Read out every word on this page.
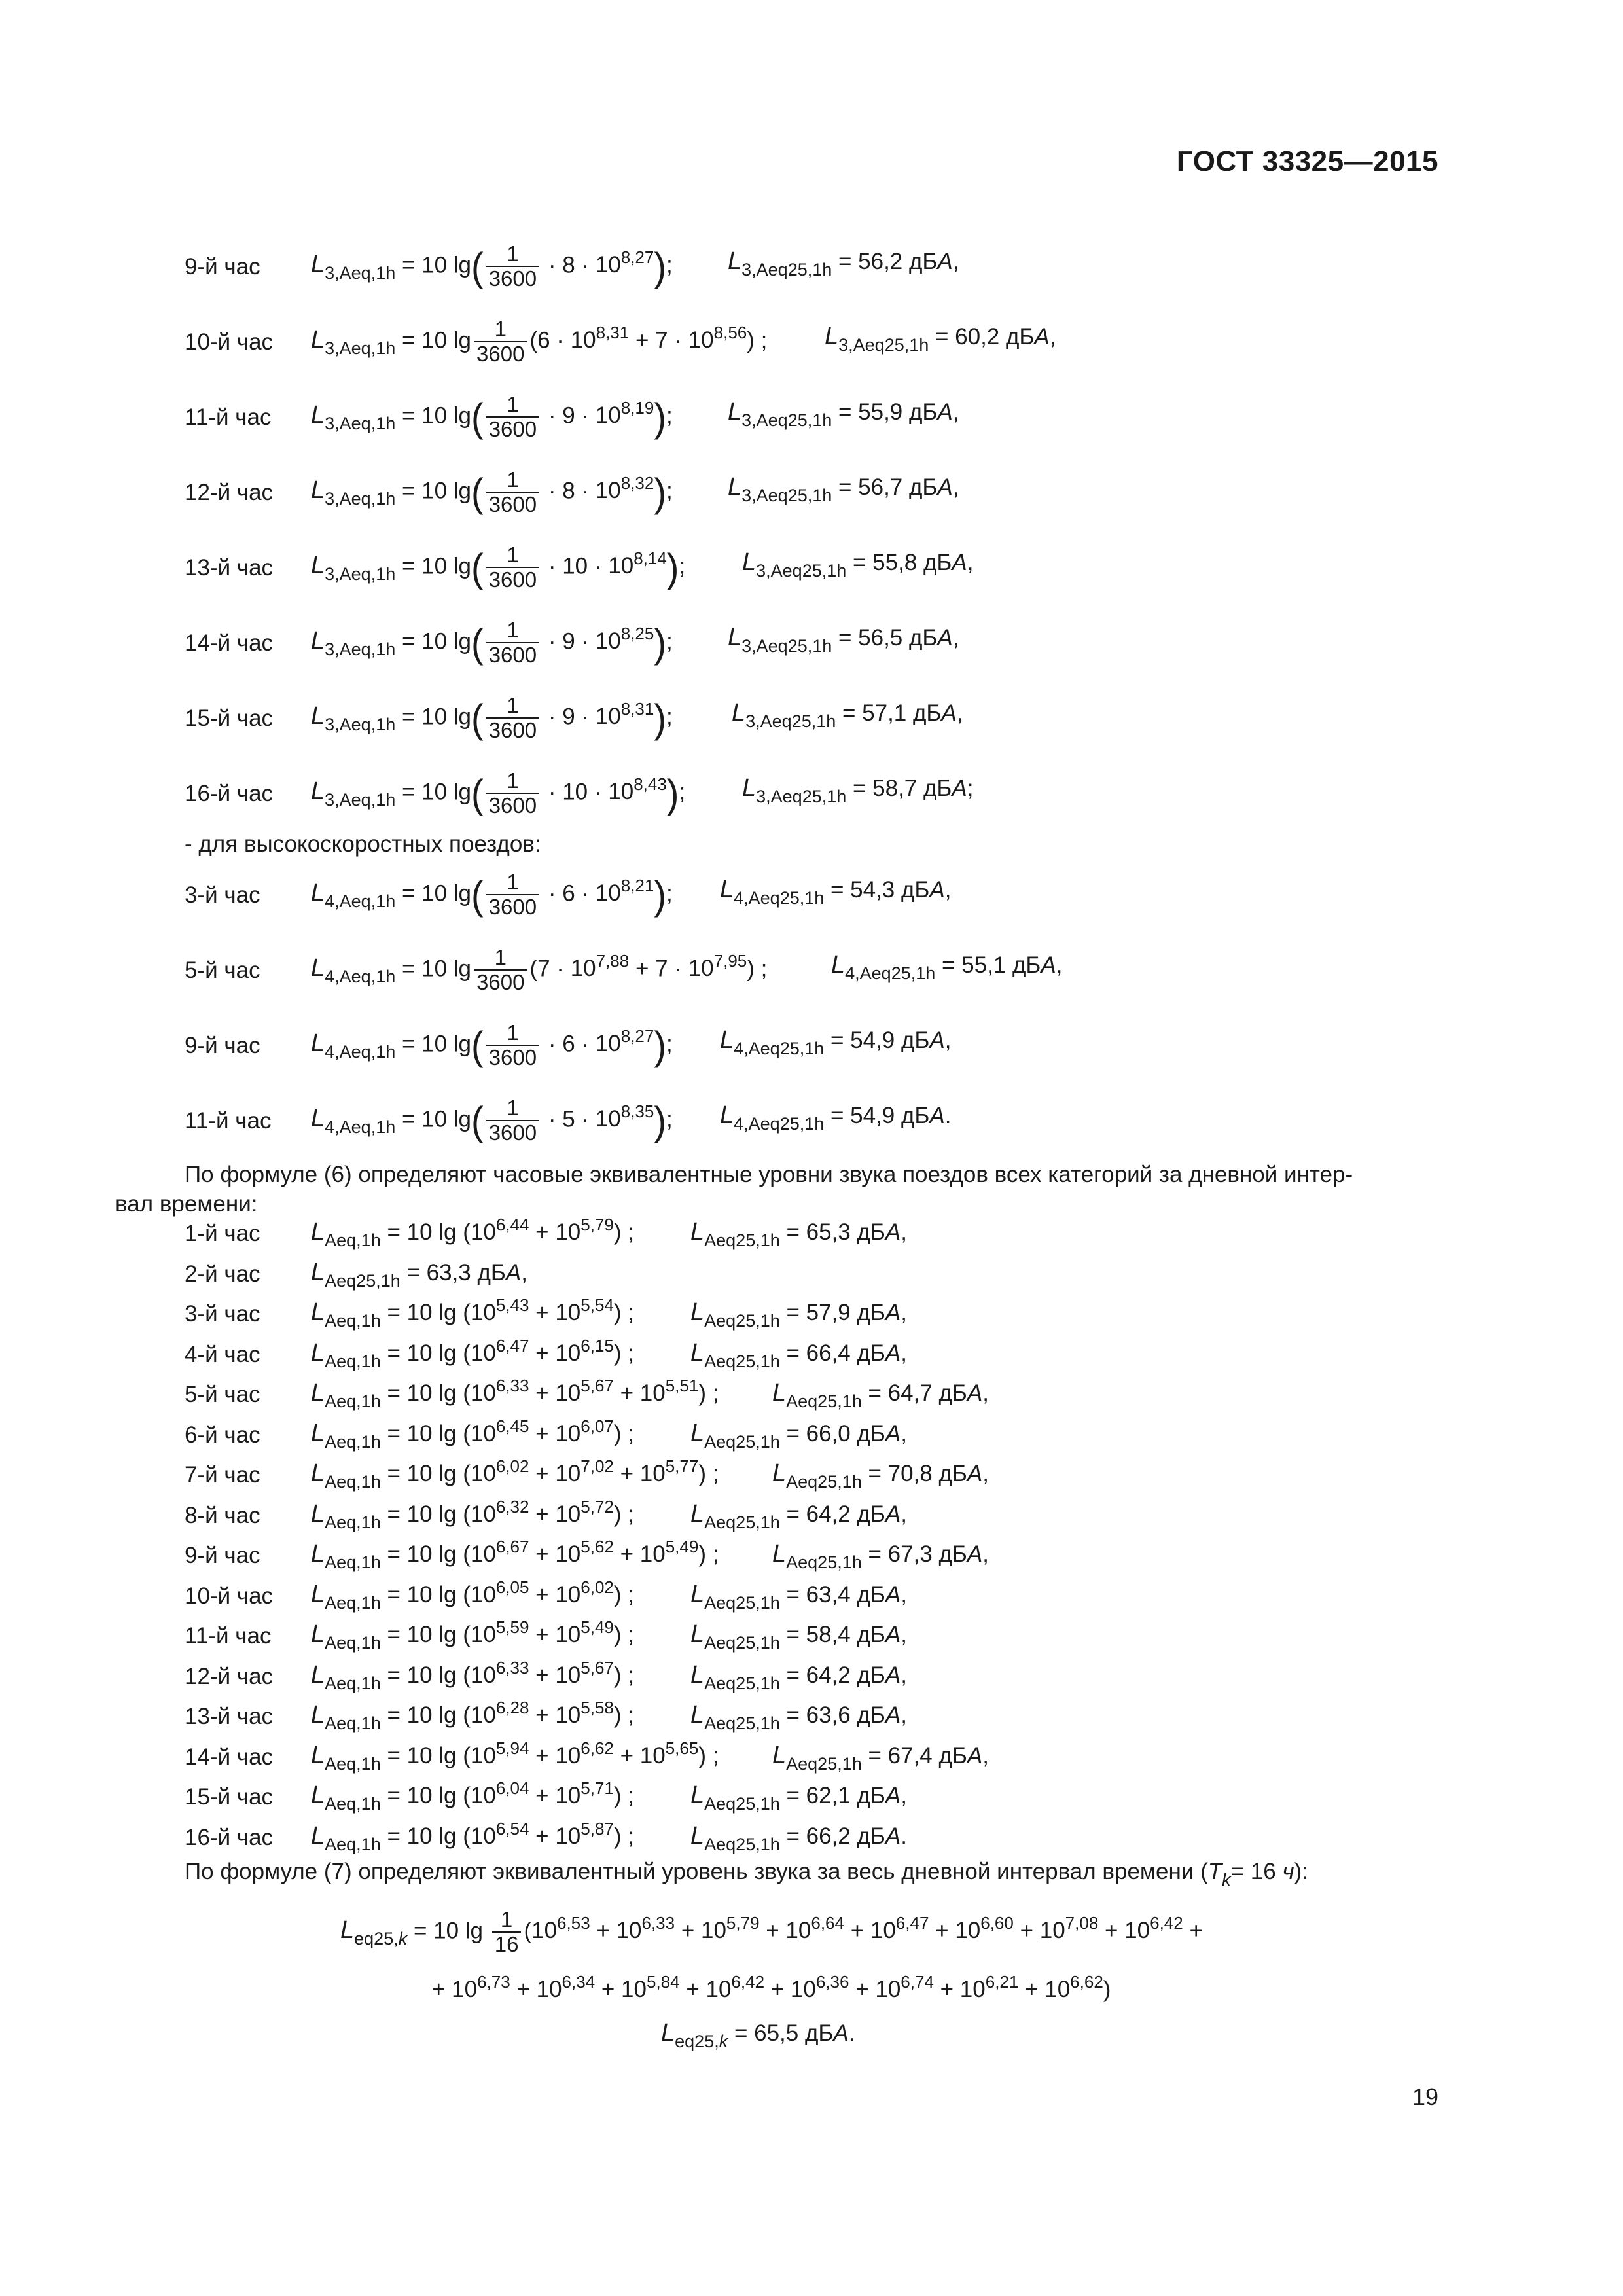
ГОСТ 33325—2015
9-й час $L_{3,Aeq,1h} = 10$ $\lg( \frac{1}{3600} \cdot 8 \cdot 10^{8,27})$; $L_{3,Aeq25,1h} = 56,2$ дБА,
10-й час $L_{3,Aeq,1h} = 10$ $\lg \frac{1}{3600} (6 \cdot 10^{8,31} + 7 \cdot 10^{8,56})$ ; $L_{3,Aeq25,1h} = 60,2$ дБА,
11-й час $L_{3,Aeq,1h} = 10$ $\lg( \frac{1}{3600} \cdot 9 \cdot 10^{8,19})$; $L_{3,Aeq25,1h} = 55,9$ дБА,
12-й час $L_{3,Aeq,1h} = 10$ $\lg( \frac{1}{3600} \cdot 8 \cdot 10^{8,32})$; $L_{3,Aeq25,1h} = 56,7$ дБА,
13-й час $L_{3,Aeq,1h} = 10$ $\lg( \frac{1}{3600} \cdot 10 \cdot 10^{8,14})$; $L_{3,Aeq25,1h} = 55,8$ дБА,
14-й час $L_{3,Aeq,1h} = 10$ $\lg( \frac{1}{3600} \cdot 9 \cdot 10^{8,25})$; $L_{3,Aeq25,1h} = 56,5$ дБА,
15-й час $L_{3,Aeq,1h} = 10$ $\lg( \frac{1}{3600} \cdot 9 \cdot 10^{8,31})$; $L_{3,Aeq25,1h} = 57,1$ дБА,
16-й час $L_{3,Aeq,1h} = 10$ $\lg( \frac{1}{3600} \cdot 10 \cdot 10^{8,43})$; $L_{3,Aeq25,1h} = 58,7$ дБА;
- для высокоскоростных поездов:
3-й час $L_{4,Aeq,1h} = 10$ $\lg( \frac{1}{3600} \cdot 6 \cdot 10^{8,21})$; $L_{4,Aeq25,1h} = 54,3$ дБА,
5-й час $L_{4,Aeq,1h} = 10$ $\lg \frac{1}{3600} (7 \cdot 10^{7,88} + 7 \cdot 10^{7,95})$ ;	$L_{4,Aeq25,1h} = 55,1$ дБА,
9-й час $L_{4,Aeq,1h} = 10$ $\lg( \frac{1}{3600} \cdot 6 \cdot 10^{8,27})$; $L_{4,Aeq25,1h} = 54,9$ дБА,
11-й час $L_{4,Aeq,1h} = 10$ $\lg( \frac{1}{3600} \cdot 5 \cdot 10^{8,35})$; $L_{4,Aeq25,1h} = 54,9$ дБА.
По формуле (6) определяют часовые эквивалентные уровни звука поездов всех категорий за дневной интер-
вал времени:
1-й час $L_{Aeq,1h} = 10$ $\lg (10^{6,44} + 10^{5,79})$ ; $L_{Aeq25,1h} = 65,3$ дБА,
2-й час $L_{Aeq25,1h} = 63,3$ дБА,
3-й час $L_{Aeq,1h} = 10$ $\lg (10^{5,43} + 10^{5,54})$ ; $L_{Aeq25,1h} = 57,9$ дБА,
4-й час $L_{Aeq,1h} = 10$ $\lg (10^{6,47} + 10^{6,15})$ ; $L_{Aeq25,1h} = 66,4$ дБА,
5-й час $L_{Aeq,1h} = 10$ $\lg (10^{6,33} + 10^{5,67} + 10^{5,51})$ ; $L_{Aeq25,1h} = 64,7$ дБА,
6-й час $L_{Aeq,1h} = 10$ $\lg (10^{6,45} + 10^{6,07})$ ; $L_{Aeq25,1h} = 66,0$ дБА,
7-й час $L_{Aeq,1h} = 10$ $\lg (10^{6,02} + 10^{7,02} + 10^{5,77})$ ; $L_{Aeq25,1h} = 70,8$ дБА,
8-й час $L_{Aeq,1h} = 10$ $\lg (10^{6,32} + 10^{5,72})$ ; $L_{Aeq25,1h} = 64,2$ дБА,
9-й час $L_{Aeq,1h} = 10$ $\lg (10^{6,67} + 10^{5,62} + 10^{5,49})$ ; $L_{Aeq25,1h} = 67,3$ дБА,
10-й час $L_{Aeq,1h} = 10$ $\lg (10^{6,05} + 10^{6,02})$ ; $L_{Aeq25,1h} = 63,4$ дБА,
11-й час $L_{Aeq,1h} = 10$ $\lg (10^{5,59} + 10^{5,49})$ ; $L_{Aeq25,1h} = 58,4$ дБА,
12-й час $L_{Aeq,1h} = 10$ $\lg (10^{6,33} + 10^{5,67})$ ; $L_{Aeq25,1h} = 64,2$ дБА,
13-й час $L_{Aeq,1h} = 10$ $\lg (10^{6,28} + 10^{5,58})$ ; $L_{Aeq25,1h} = 63,6$ дБА,
14-й час $L_{Aeq,1h} = 10$ $\lg (10^{5,94} + 10^{6,62} + 10^{5,65})$ ; $L_{Aeq25,1h} = 67,4$ дБА,
15-й час $L_{Aeq,1h} = 10$ $\lg (10^{6,04} + 10^{5,71})$ ; $L_{Aeq25,1h} = 62,1$ дБА,
16-й час $L_{Aeq,1h} = 10$ $\lg (10^{6,54} + 10^{5,87})$ ; $L_{Aeq25,1h} = 66,2$ дБА.
По формуле (7) определяют эквивалентный уровень звука за весь дневной интервал времени ($T_k= 16$ ч):
$L_{eq25,k} = 10$ $\lg \frac{1}{16} (10^{6,53} + 10^{6,33} + 10^{5,79} + 10^{6,64} + 10^{6,47} + 10^{6,60} + 10^{7,08} + 10^{6,42}$ +
+ $10^{6,73} + 10^{6,34} + 10^{5,84} + 10^{6,42} + 10^{6,36} + 10^{6,74} + 10^{6,21} + 10^{6,62}$)
$L_{eq25,k} = 65,5$ дБА.
19
